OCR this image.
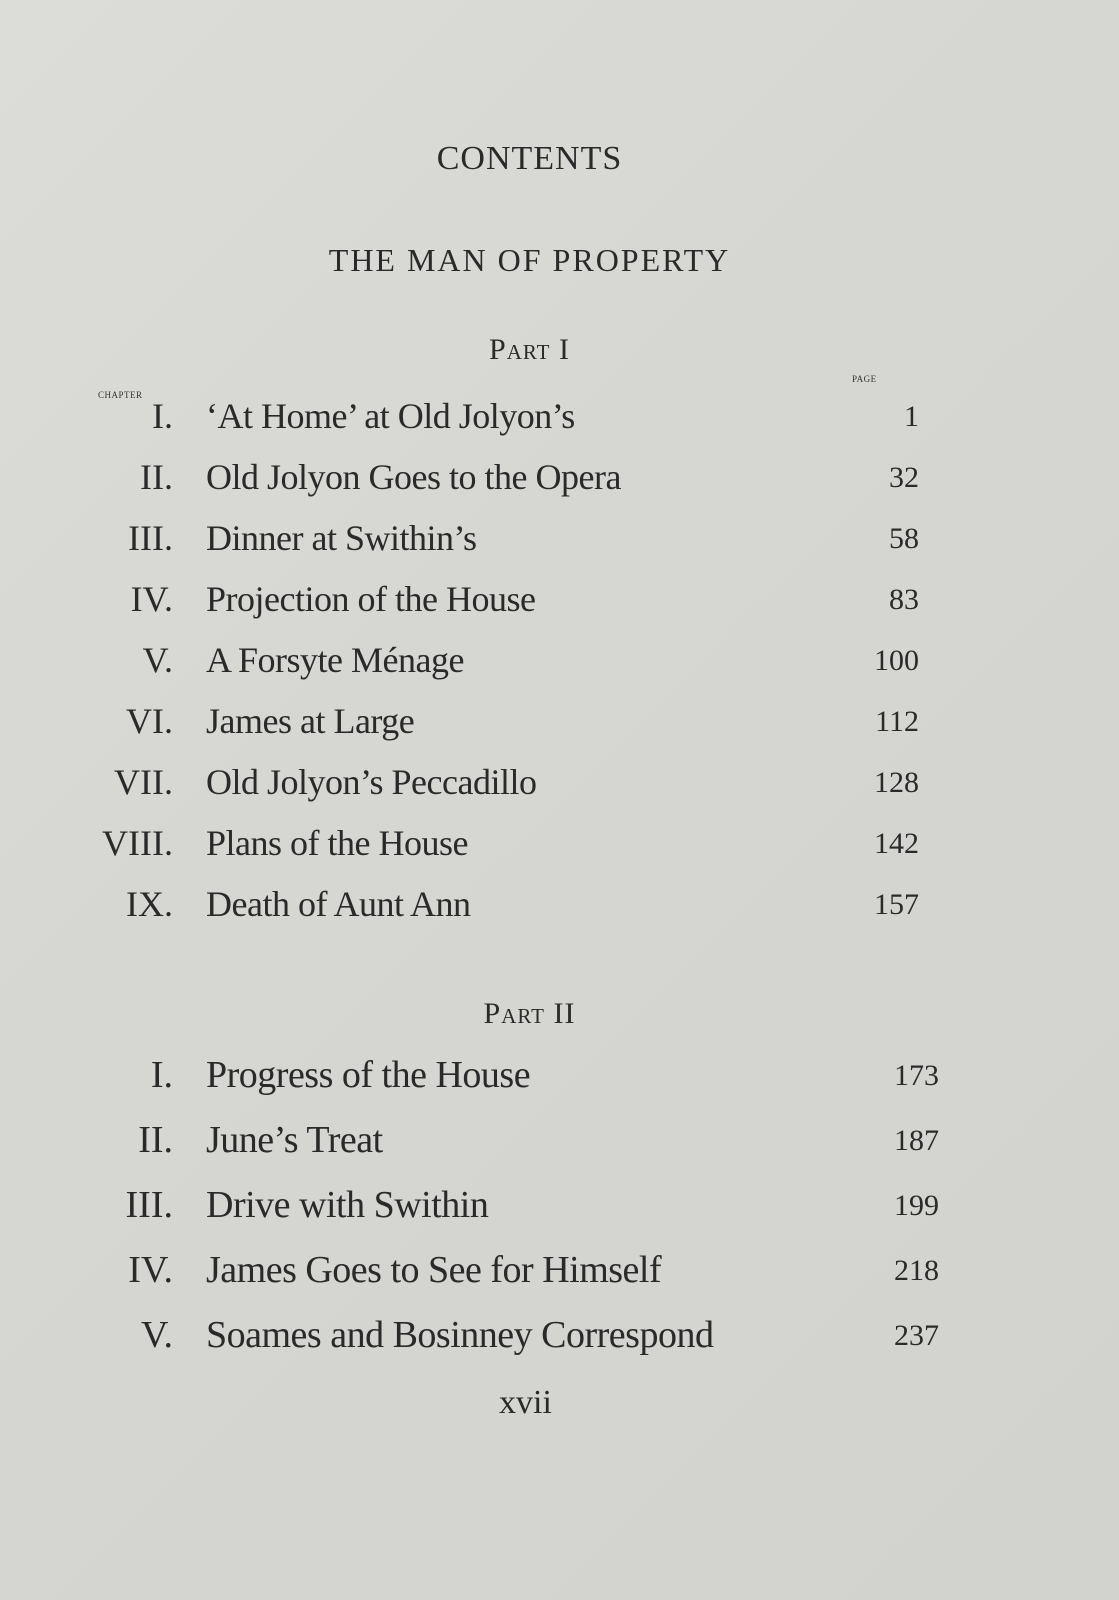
CONTENTS
THE MAN OF PROPERTY
Part I
CHAPTER
PAGE
I. ‘At Home’ at Old Jolyon’s	1
II. Old Jolyon Goes to the Opera	32
III. Dinner at Swithin’s	58
IV. Projection of the House	83
V. A Forsyte Ménage	100
VI. James at Large	112
VII. Old Jolyon’s Peccadillo	128
VIII. Plans of the House	142
IX. Death of Aunt Ann	157
Part II
I. Progress of the House	173
II. June’s Treat	187
III. Drive with Swithin	199
IV. James Goes to See for Himself	218
V. Soames and Bosinney Correspond	237
xvii
